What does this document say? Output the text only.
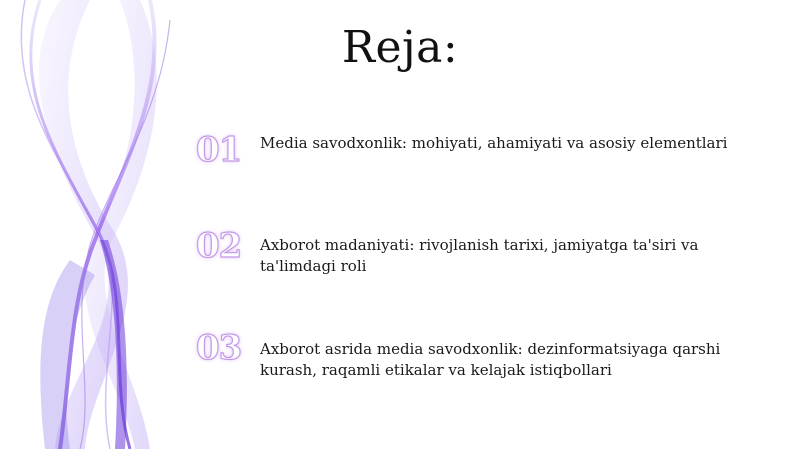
Reja:
01	Media savodxonlik: mohiyati, ahamiyati va asosiy elementlari
02	Axborot madaniyati: rivojlanish tarixi, jamiyatga ta'siri va ta'limdagi roli
03	Axborot asrida media savodxonlik: dezinformatsiyaga qarshi kurash, raqamli etikalar va kelajak istiqbollari
